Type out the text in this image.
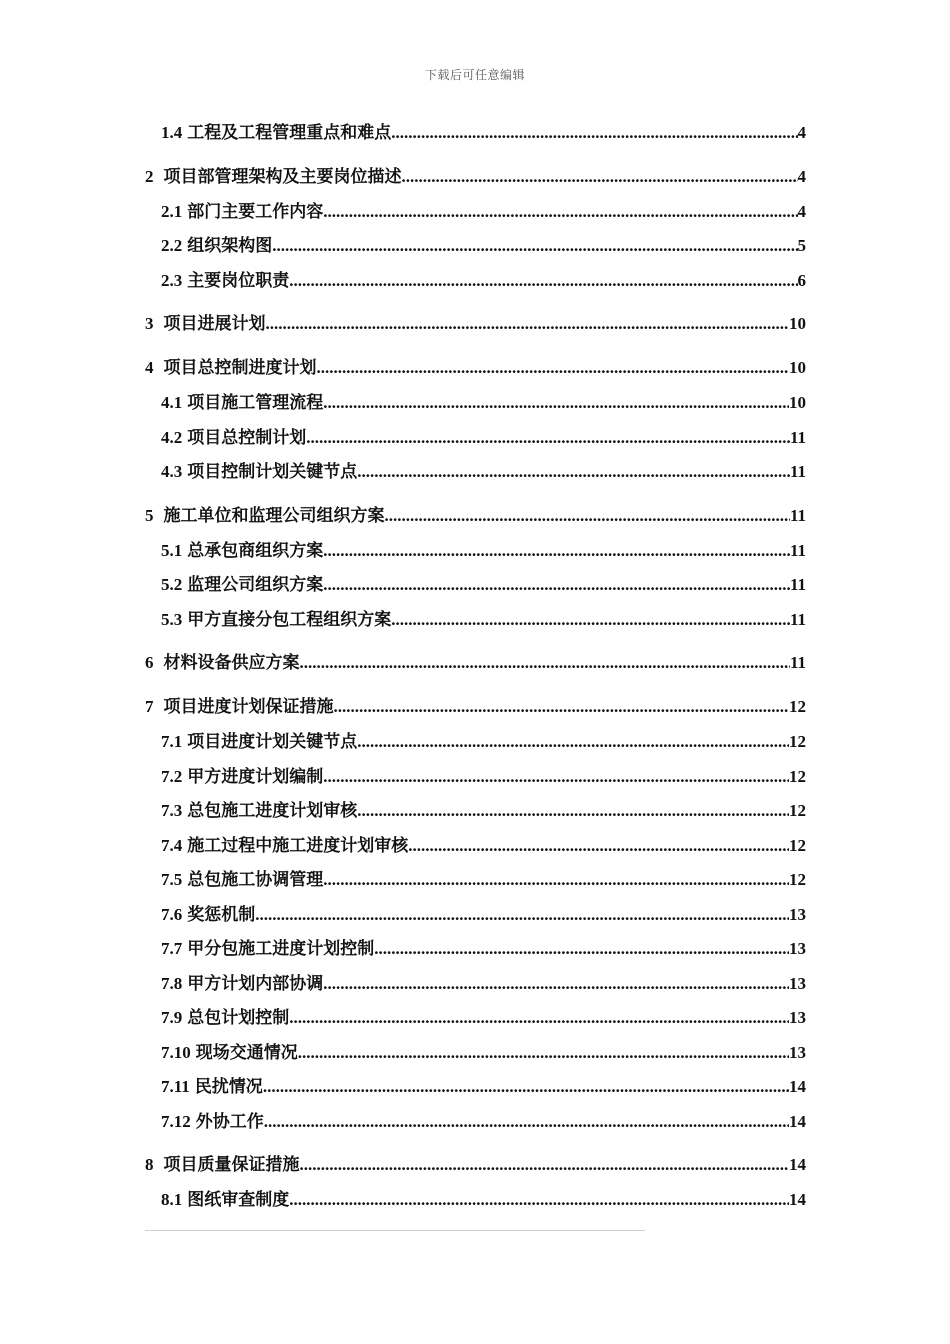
下载后可任意编辑
1.4 工程及工程管理重点和难点 .....	4
2 项目部管理架构及主要岗位描述 .....	4
2.1 部门主要工作内容 .....	4
2.2 组织架构图 .....	5
2.3 主要岗位职责 .....	6
3 项目进展计划 .....	10
4 项目总控制进度计划 .....	10
4.1 项目施工管理流程 .....	10
4.2 项目总控制计划 .....	11
4.3 项目控制计划关键节点 .....	11
5 施工单位和监理公司组织方案 .....	11
5.1 总承包商组织方案 .....	11
5.2 监理公司组织方案 .....	11
5.3 甲方直接分包工程组织方案 .....	11
6 材料设备供应方案 .....	11
7 项目进度计划保证措施 .....	12
7.1 项目进度计划关键节点 .....	12
7.2 甲方进度计划编制 .....	12
7.3 总包施工进度计划审核 .....	12
7.4 施工过程中施工进度计划审核 .....	12
7.5 总包施工协调管理 .....	12
7.6 奖惩机制 .....	13
7.7 甲分包施工进度计划控制 .....	13
7.8 甲方计划内部协调 .....	13
7.9 总包计划控制 .....	13
7.10 现场交通情况 .....	13
7.11 民扰情况 .....	14
7.12 外协工作 .....	14
8 项目质量保证措施 .....	14
8.1 图纸审查制度 .....	14
